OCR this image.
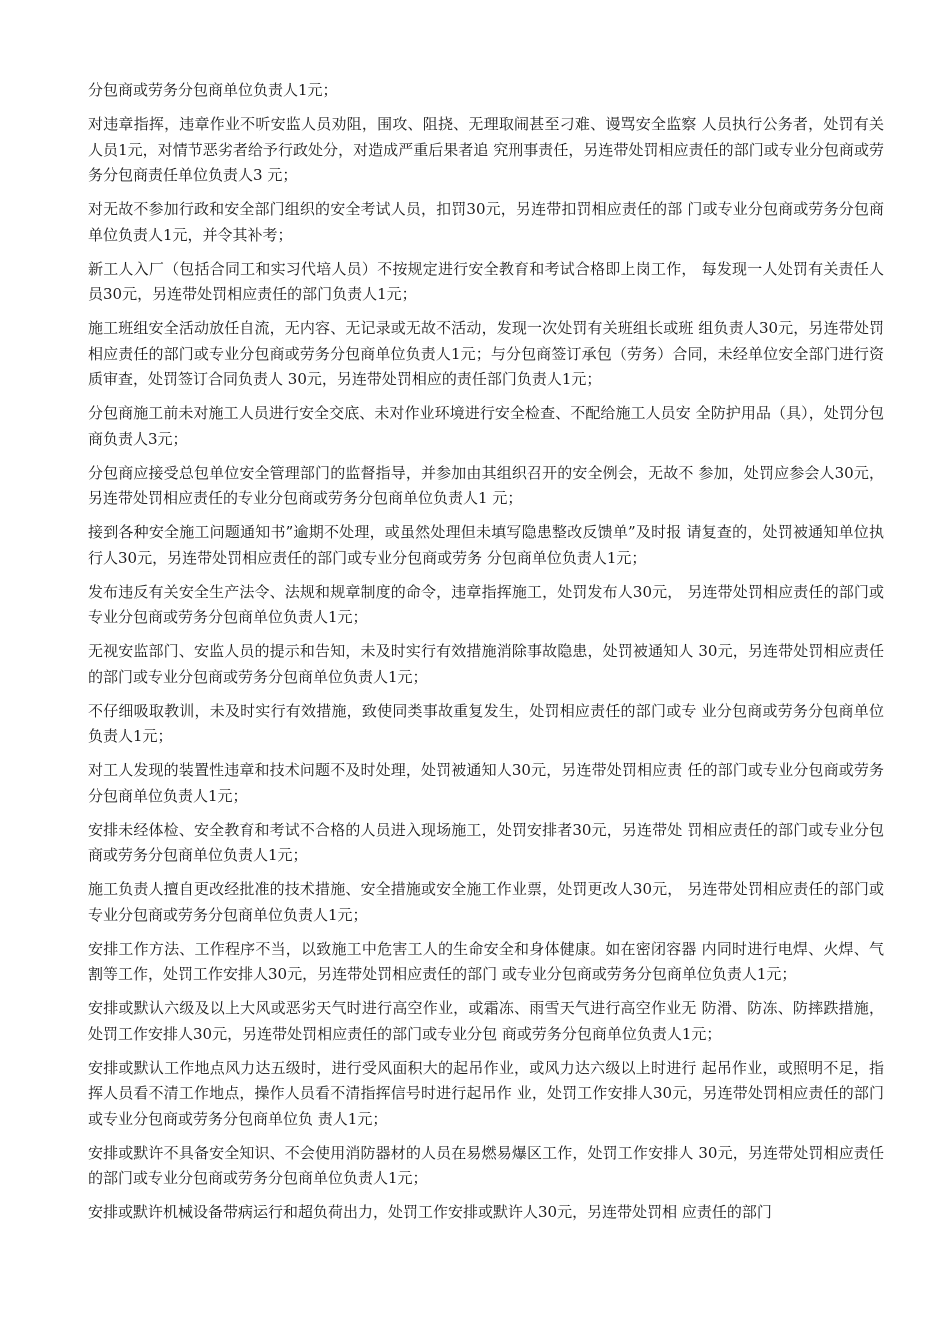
分包商或劳务分包商单位负责人1元；

对违章指挥，违章作业不听安监人员劝阻，围攻、阻挠、无理取闹甚至刁难、谩骂安全监察 人员执行公务者，处罚有关人员1元，对情节恶劣者给予行政处分，对造成严重后果者追 究刑事责任，另连带处罚相应责任的部门或专业分包商或劳务分包商责任单位负责人3 元；

对无故不参加行政和安全部门组织的安全考试人员，扣罚30元，另连带扣罚相应责任的部 门或专业分包商或劳务分包商单位负责人1元，并令其补考；

新工人入厂（包括合同工和实习代培人员）不按规定进行安全教育和考试合格即上岗工作， 每发现一人处罚有关责任人员30元，另连带处罚相应责任的部门负责人1元；

施工班组安全活动放任自流，无内容、无记录或无故不活动，发现一次处罚有关班组长或班 组负责人30元，另连带处罚相应责任的部门或专业分包商或劳务分包商单位负责人1元；与分包商签订承包（劳务）合同，未经单位安全部门进行资质审查，处罚签订合同负责人 30元，另连带处罚相应的责任部门负责人1元；

分包商施工前未对施工人员进行安全交底、未对作业环境进行安全检查、不配给施工人员安 全防护用品（具），处罚分包商负责人3元；

分包商应接受总包单位安全管理部门的监督指导，并参加由其组织召开的安全例会，无故不 参加，处罚应参会人30元，另连带处罚相应责任的专业分包商或劳务分包商单位负责人1 元；

接到各种安全施工问题通知书”逾期不处理，或虽然处理但未填写隐患整改反馈单”及时报 请复查的，处罚被通知单位执行人30元，另连带处罚相应责任的部门或专业分包商或劳务 分包商单位负责人1元；

发布违反有关安全生产法令、法规和规章制度的命令，违章指挥施工，处罚发布人30元， 另连带处罚相应责任的部门或专业分包商或劳务分包商单位负责人1元；

无视安监部门、安监人员的提示和告知，未及时实行有效措施消除事故隐患，处罚被通知人 30元，另连带处罚相应责任的部门或专业分包商或劳务分包商单位负责人1元；

不仔细吸取教训，未及时实行有效措施，致使同类事故重复发生，处罚相应责任的部门或专 业分包商或劳务分包商单位负责人1元；

对工人发现的装置性违章和技术问题不及时处理，处罚被通知人30元，另连带处罚相应责 任的部门或专业分包商或劳务分包商单位负责人1元；

安排未经体检、安全教育和考试不合格的人员进入现场施工，处罚安排者30元，另连带处 罚相应责任的部门或专业分包商或劳务分包商单位负责人1元；

施工负责人擅自更改经批准的技术措施、安全措施或安全施工作业票，处罚更改人30元， 另连带处罚相应责任的部门或专业分包商或劳务分包商单位负责人1元；

安排工作方法、工作程序不当，以致施工中危害工人的生命安全和身体健康。如在密闭容器 内同时进行电焊、火焊、气割等工作，处罚工作安排人30元，另连带处罚相应责任的部门 或专业分包商或劳务分包商单位负责人1元；

安排或默认六级及以上大风或恶劣天气时进行高空作业，或霜冻、雨雪天气进行高空作业无 防滑、防冻、防摔跌措施，处罚工作安排人30元，另连带处罚相应责任的部门或专业分包 商或劳务分包商单位负责人1元；

安排或默认工作地点风力达五级时，进行受风面积大的起吊作业，或风力达六级以上时进行 起吊作业，或照明不足，指挥人员看不清工作地点，操作人员看不清指挥信号时进行起吊作 业，处罚工作安排人30元，另连带处罚相应责任的部门或专业分包商或劳务分包商单位负 责人1元；

安排或默许不具备安全知识、不会使用消防器材的人员在易燃易爆区工作，处罚工作安排人 30元，另连带处罚相应责任的部门或专业分包商或劳务分包商单位负责人1元；

安排或默许机械设备带病运行和超负荷出力，处罚工作安排或默许人30元，另连带处罚相 应责任的部门
